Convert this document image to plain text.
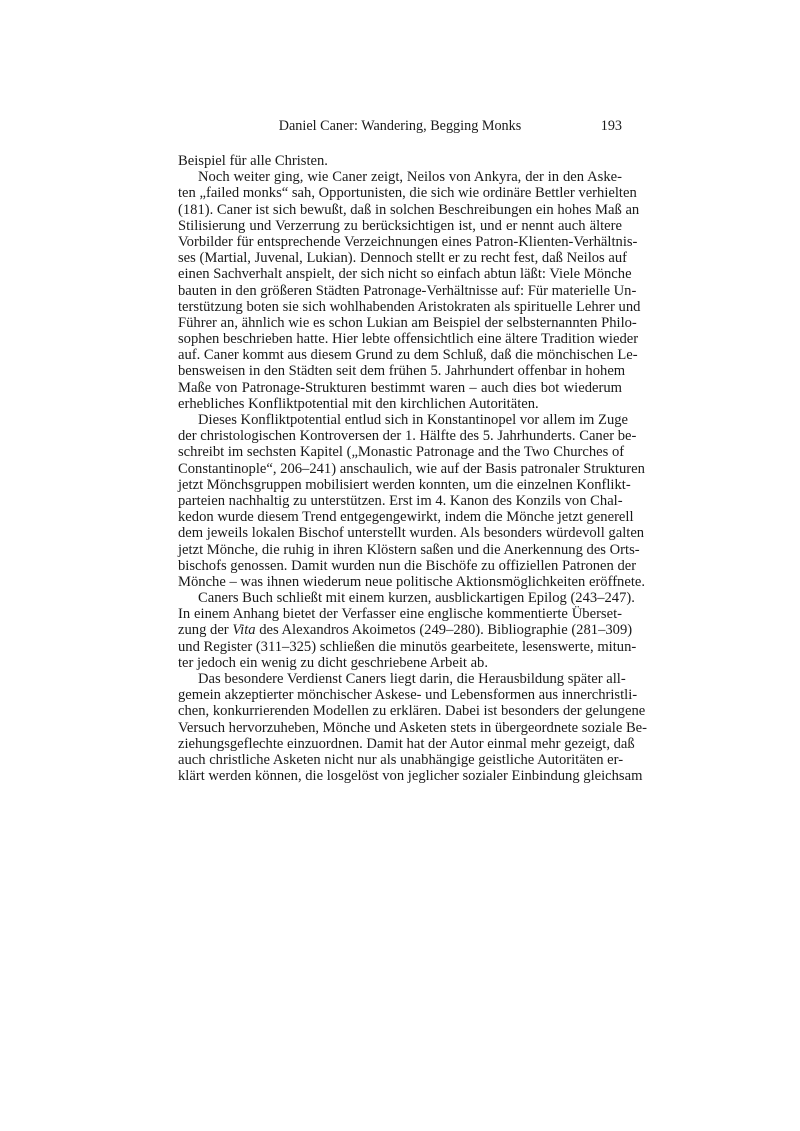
Daniel Caner: Wandering, Begging Monks	193
Beispiel für alle Christen.
Noch weiter ging, wie Caner zeigt, Neilos von Ankyra, der in den Aske-
ten „failed monks“ sah, Opportunisten, die sich wie ordinäre Bettler verhielten
(181). Caner ist sich bewußt, daß in solchen Beschreibungen ein hohes Maß an
Stilisierung und Verzerrung zu berücksichtigen ist, und er nennt auch ältere
Vorbilder für entsprechende Verzeichnungen eines Patron-Klienten-Verhältnis-
ses (Martial, Juvenal, Lukian). Dennoch stellt er zu recht fest, daß Neilos auf
einen Sachverhalt anspielt, der sich nicht so einfach abtun läßt: Viele Mönche
bauten in den größeren Städten Patronage-Verhältnisse auf: Für materielle Un-
terstützung boten sie sich wohlhabenden Aristokraten als spirituelle Lehrer und
Führer an, ähnlich wie es schon Lukian am Beispiel der selbsternannten Philo-
sophen beschrieben hatte. Hier lebte offensichtlich eine ältere Tradition wieder
auf. Caner kommt aus diesem Grund zu dem Schluß, daß die mönchischen Le-
bensweisen in den Städten seit dem frühen 5. Jahrhundert offenbar in hohem
Maße von Patronage-Strukturen bestimmt waren – auch dies bot wiederum
erhebliches Konfliktpotential mit den kirchlichen Autoritäten.
Dieses Konfliktpotential entlud sich in Konstantinopel vor allem im Zuge
der christologischen Kontroversen der 1. Hälfte des 5. Jahrhunderts. Caner be-
schreibt im sechsten Kapitel („Monastic Patronage and the Two Churches of
Constantinople“, 206–241) anschaulich, wie auf der Basis patronaler Strukturen
jetzt Mönchsgruppen mobilisiert werden konnten, um die einzelnen Konflikt-
parteien nachhaltig zu unterstützen. Erst im 4. Kanon des Konzils von Chal-
kedon wurde diesem Trend entgegengewirkt, indem die Mönche jetzt generell
dem jeweils lokalen Bischof unterstellt wurden. Als besonders würdevoll galten
jetzt Mönche, die ruhig in ihren Klöstern saßen und die Anerkennung des Orts-
bischofs genossen. Damit wurden nun die Bischöfe zu offiziellen Patronen der
Mönche – was ihnen wiederum neue politische Aktionsmöglichkeiten eröffnete.
Caners Buch schließt mit einem kurzen, ausblickartigen Epilog (243–247).
In einem Anhang bietet der Verfasser eine englische kommentierte Überset-
zung der Vita des Alexandros Akoimetos (249–280). Bibliographie (281–309)
und Register (311–325) schließen die minutös gearbeitete, lesenswerte, mitun-
ter jedoch ein wenig zu dicht geschriebene Arbeit ab.
Das besondere Verdienst Caners liegt darin, die Herausbildung später all-
gemein akzeptierter mönchischer Askese- und Lebensformen aus innerchristli-
chen, konkurrierenden Modellen zu erklären. Dabei ist besonders der gelungene
Versuch hervorzuheben, Mönche und Asketen stets in übergeordnete soziale Be-
ziehungsgeflechte einzuordnen. Damit hat der Autor einmal mehr gezeigt, daß
auch christliche Asketen nicht nur als unabhängige geistliche Autoritäten er-
klärt werden können, die losgelöst von jeglicher sozialer Einbindung gleichsam
